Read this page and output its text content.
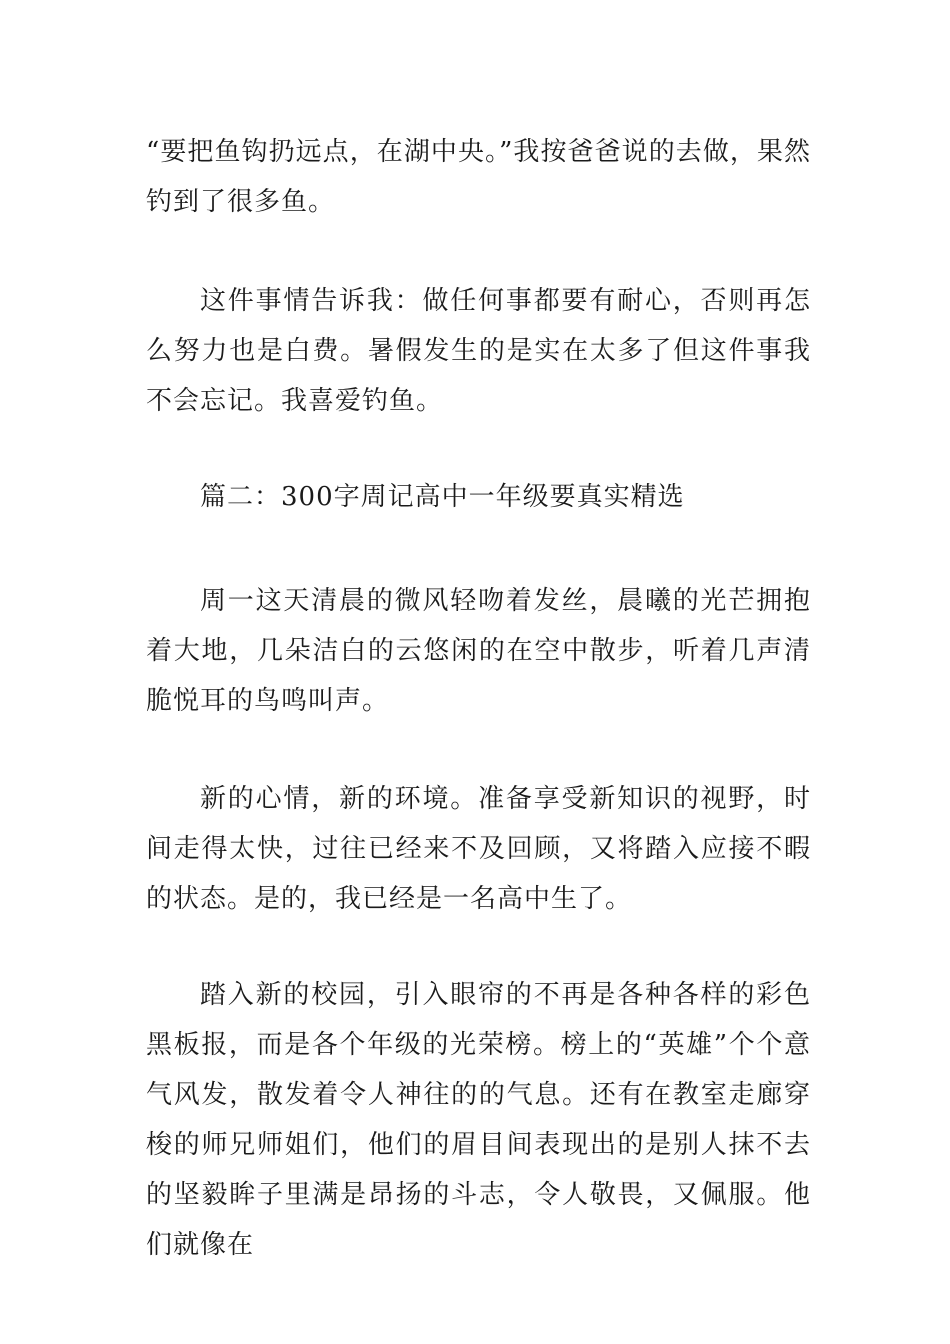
“要把鱼钩扔远点，在湖中央。”我按爸爸说的去做，果然钓到了很多鱼。

这件事情告诉我：做任何事都要有耐心，否则再怎么努力也是白费。暑假发生的是实在太多了但这件事我不会忘记。我喜爱钓鱼。

篇二：300字周记高中一年级要真实精选

周一这天清晨的微风轻吻着发丝，晨曦的光芒拥抱着大地，几朵洁白的云悠闲的在空中散步，听着几声清脆悦耳的鸟鸣叫声。

新的心情，新的环境。准备享受新知识的视野，时间走得太快，过往已经来不及回顾，又将踏入应接不暇的状态。是的，我已经是一名高中生了。

踏入新的校园，引入眼帘的不再是各种各样的彩色黑板报，而是各个年级的光荣榜。榜上的“英雄”个个意气风发，散发着令人神往的的气息。还有在教室走廊穿梭的师兄师姐们，他们的眉目间表现出的是别人抹不去的坚毅眸子里满是昂扬的斗志，令人敬畏，又佩服。他们就像在
